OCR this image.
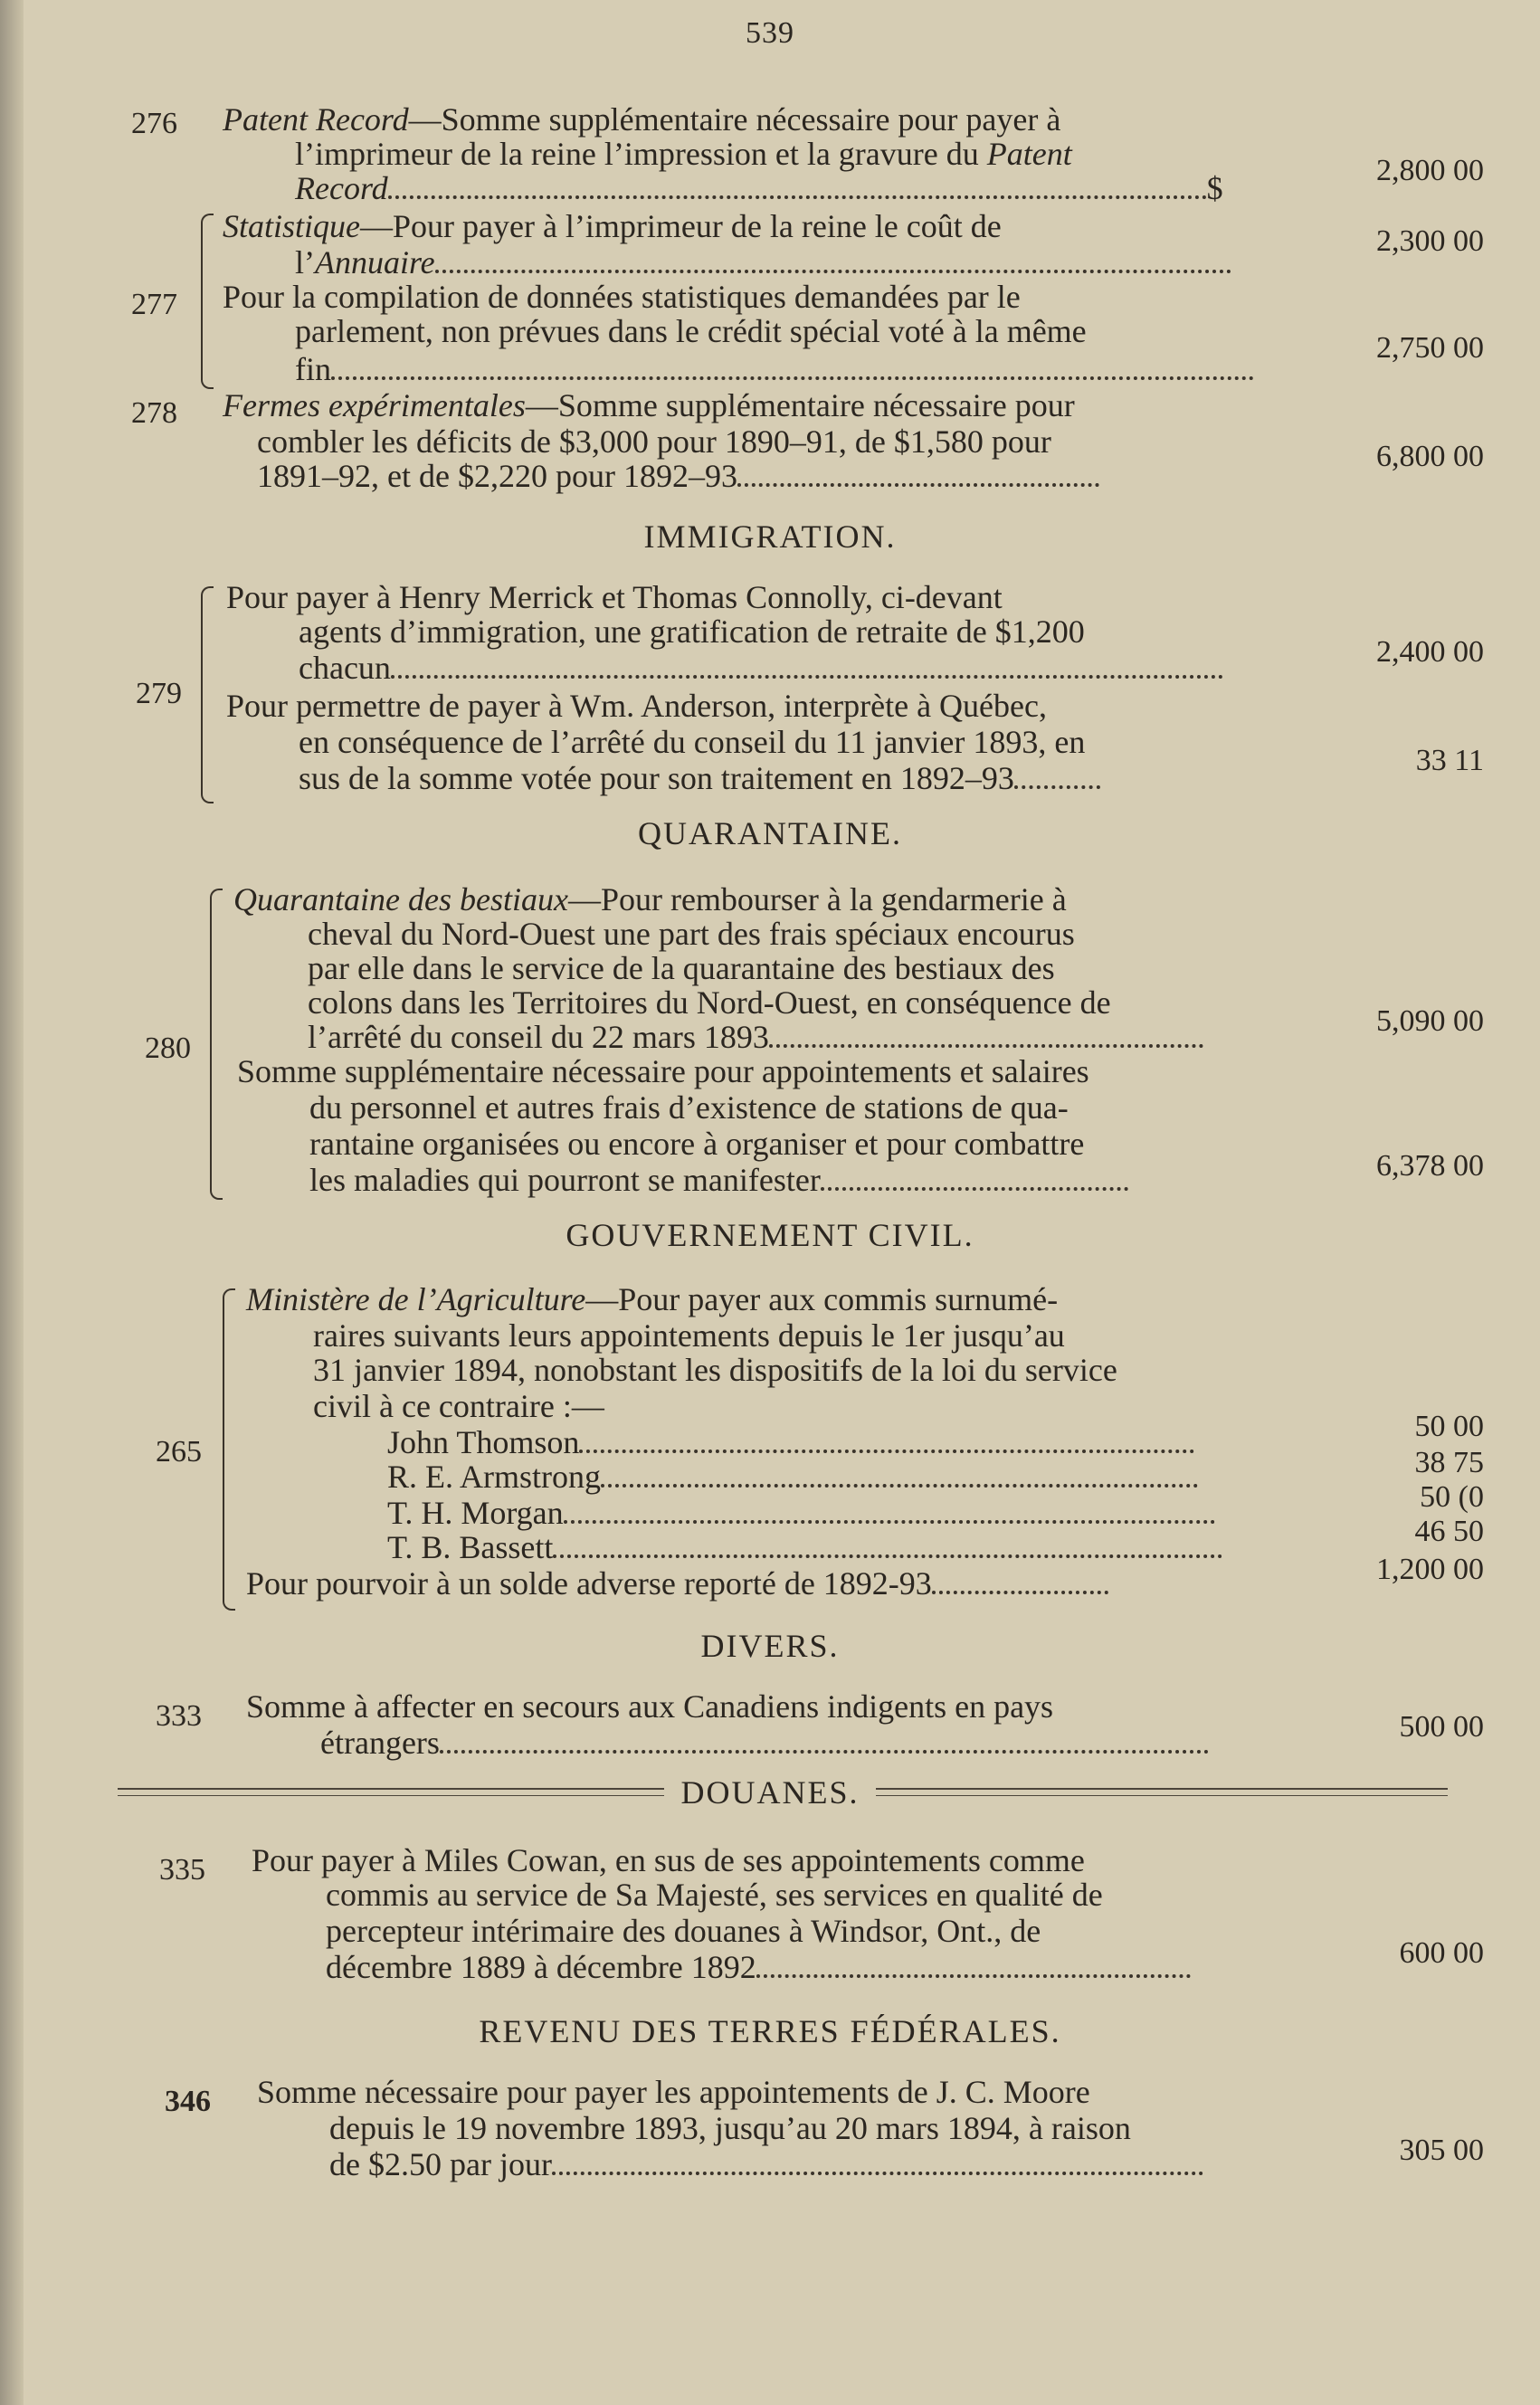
539
276 Patent Record—Somme supplémentaire nécessaire pour payer à
l’imprimeur de la reine l’impression et la gravure du Patent
Record	$	2,800 00
277
Statistique—Pour payer à l’imprimeur de la reine le coût de
l’Annuaire
2,300 00
Pour la compilation de données statistiques demandées par le
parlement, non prévues dans le crédit spécial voté à la même
fin
2,750 00
278 Fermes expérimentales—Somme supplémentaire nécessaire pour
combler les déficits de $3,000 pour 1890–91, de $1,580 pour
1891–92, et de $2,220 pour 1892–93
6,800 00
IMMIGRATION.
279
Pour payer à Henry Merrick et Thomas Connolly, ci-devant
agents d’immigration, une gratification de retraite de $1,200
chacun	2,400 00
Pour permettre de payer à Wm. Anderson, interprète à Québec,
en conséquence de l’arrêté du conseil du 11 janvier 1893, en
sus de la somme votée pour son traitement en 1892–93	33 11
QUARANTAINE.
280
Quarantaine des bestiaux—Pour rembourser à la gendarmerie à
cheval du Nord-Ouest une part des frais spéciaux encourus
par elle dans le service de la quarantaine des bestiaux des
colons dans les Territoires du Nord-Ouest, en conséquence de
l’arrêté du conseil du 22 mars 1893	5,090 00
Somme supplémentaire nécessaire pour appointements et salaires
du personnel et autres frais d’existence de stations de qua-
rantaine organisées ou encore à organiser et pour combattre
les maladies qui pourront se manifester	6,378 00
GOUVERNEMENT CIVIL.
265
Ministère de l’Agriculture—Pour payer aux commis surnumé-
raires suivants leurs appointements depuis le 1er jusqu’au
31 janvier 1894, nonobstant les dispositifs de la loi du service
civil à ce contraire :—
John Thomson	50 00
R. E. Armstrong	38 75
T. H. Morgan	50 (0
T. B. Bassett	46 50
Pour pourvoir à un solde adverse reporté de 1892-93	1,200 00
DIVERS.
333 Somme à affecter en secours aux Canadiens indigents en pays
étrangers	500 00
DOUANES.
335 Pour payer à Miles Cowan, en sus de ses appointements comme
commis au service de Sa Majesté, ses services en qualité de
percepteur intérimaire des douanes à Windsor, Ont., de
décembre 1889 à décembre 1892	600 00
REVENU DES TERRES FÉDÉRALES.
346 Somme nécessaire pour payer les appointements de J. C. Moore
depuis le 19 novembre 1893, jusqu’au 20 mars 1894, à raison
de $2.50 par jour	305 00
